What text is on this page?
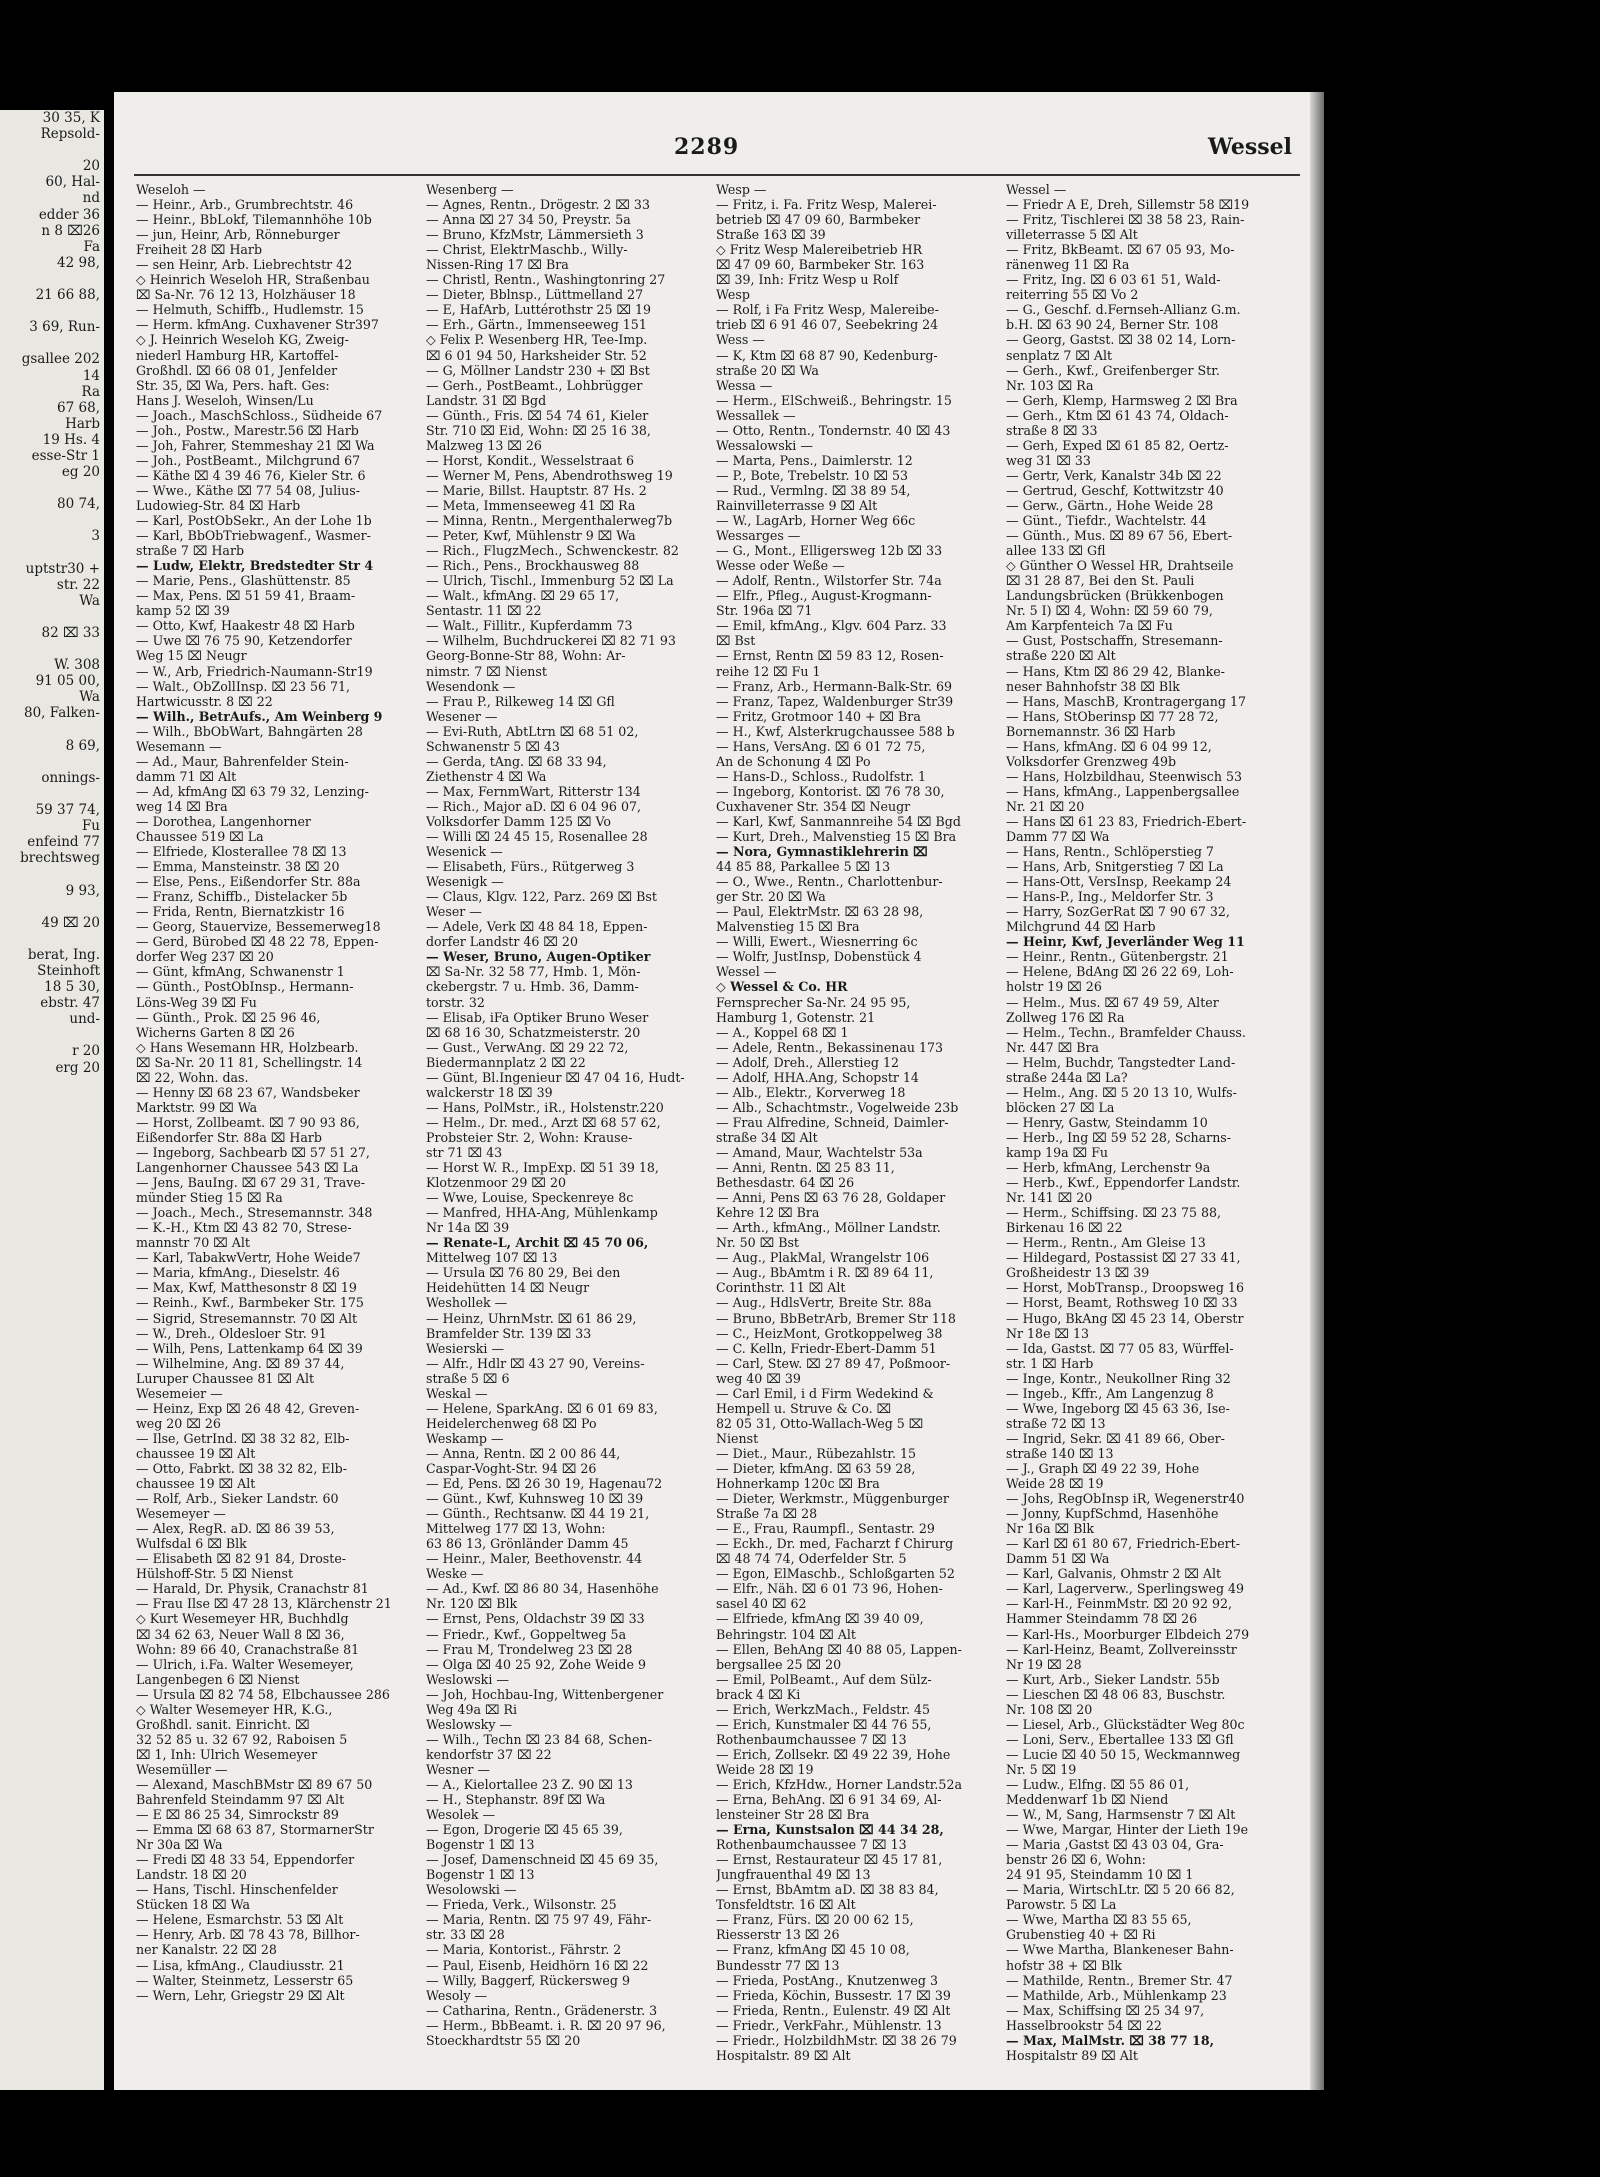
30 35, K
Repsold-

20
60, Hal-
nd
edder 36
n 8 ⌧26
Fa
42 98,

21 66 88,

3 69, Run-

gsallee 202
14
Ra
67 68,
Harb
19 Hs. 4
esse-Str 1
eg 20

80 74,

3

uptstr30 +
str. 22
Wa

82 ⌧ 33

W. 308
91 05 00,
Wa
80, Falken-

8 69,

onnings-

59 37 74,
Fu
enfeind 77
brechtsweg

9 93,

49 ⌧ 20

berat, Ing.
Steinhoft
18 5 30,
ebstr. 47
und-

r 20
erg 20
2289	Wessel
Weseloh —
— Heinr., Arb., Grumbrechtstr. 46
— Heinr., BbLokf, Tilemannhöhe 10b
— jun, Heinr, Arb, Rönneburger
Freiheit 28 ⌧ Harb
— sen Heinr, Arb. Liebrechtstr 42
◇ Heinrich Weseloh HR, Straßenbau
⌧ Sa-Nr. 76 12 13, Holzhäuser 18
— Helmuth, Schiffb., Hudlemstr. 15
— Herm. kfmAng. Cuxhavener Str397
◇ J. Heinrich Weseloh KG, Zweig-
niederl Hamburg HR, Kartoffel-
Großhdl. ⌧ 66 08 01, Jenfelder
Str. 35, ⌧ Wa, Pers. haft. Ges:
Hans J. Weseloh, Winsen/Lu
— Joach., MaschSchloss., Südheide 67
— Joh., Postw., Marestr.56 ⌧ Harb
— Joh, Fahrer, Stemmeshay 21 ⌧ Wa
— Joh., PostBeamt., Milchgrund 67
— Käthe ⌧ 4 39 46 76, Kieler Str. 6
— Wwe., Käthe ⌧ 77 54 08, Julius-
Ludowieg-Str. 84 ⌧ Harb
— Karl, PostObSekr., An der Lohe 1b
— Karl, BbObTriebwagenf., Wasmer-
straße 7 ⌧ Harb
— Ludw, Elektr, Bredstedter Str 4
— Marie, Pens., Glashüttenstr. 85
— Max, Pens. ⌧ 51 59 41, Braam-
kamp 52 ⌧ 39
— Otto, Kwf, Haakestr 48 ⌧ Harb
— Uwe ⌧ 76 75 90, Ketzendorfer
Weg 15 ⌧ Neugr
— W., Arb, Friedrich-Naumann-Str19
— Walt., ObZollInsp. ⌧ 23 56 71,
Hartwicusstr. 8 ⌧ 22
— Wilh., BetrAufs., Am Weinberg 9
— Wilh., BbObWart, Bahngärten 28
Wesemann —
— Ad., Maur, Bahrenfelder Stein-
damm 71 ⌧ Alt
— Ad, kfmAng ⌧ 63 79 32, Lenzing-
weg 14 ⌧ Bra
— Dorothea, Langenhorner
Chaussee 519 ⌧ La
— Elfriede, Klosterallee 78 ⌧ 13
— Emma, Mansteinstr. 38 ⌧ 20
— Else, Pens., Eißendorfer Str. 88a
— Franz, Schiffb., Distelacker 5b
— Frida, Rentn, Biernatzkistr 16
— Georg, Stauervize, Bessemerweg18
— Gerd, Bürobed ⌧ 48 22 78, Eppen-
dorfer Weg 237 ⌧ 20
— Günt, kfmAng, Schwanenstr 1
— Günth., PostObInsp., Hermann-
Löns-Weg 39 ⌧ Fu
— Günth., Prok. ⌧ 25 96 46,
Wicherns Garten 8 ⌧ 26
◇ Hans Wesemann HR, Holzbearb.
⌧ Sa-Nr. 20 11 81, Schellingstr. 14
⌧ 22, Wohn. das.
— Henny ⌧ 68 23 67, Wandsbeker
Marktstr. 99 ⌧ Wa
— Horst, Zollbeamt. ⌧ 7 90 93 86,
Eißendorfer Str. 88a ⌧ Harb
— Ingeborg, Sachbearb ⌧ 57 51 27,
Langenhorner Chaussee 543 ⌧ La
— Jens, BauIng. ⌧ 67 29 31, Trave-
münder Stieg 15 ⌧ Ra
— Joach., Mech., Stresemannstr. 348
— K.-H., Ktm ⌧ 43 82 70, Strese-
mannstr 70 ⌧ Alt
— Karl, TabakwVertr, Hohe Weide7
— Maria, kfmAng., Dieselstr. 46
— Max, Kwf, Matthesonstr 8 ⌧ 19
— Reinh., Kwf., Barmbeker Str. 175
— Sigrid, Stresemannstr. 70 ⌧ Alt
— W., Dreh., Oldesloer Str. 91
— Wilh, Pens, Lattenkamp 64 ⌧ 39
— Wilhelmine, Ang. ⌧ 89 37 44,
Luruper Chaussee 81 ⌧ Alt
Wesemeier —
— Heinz, Exp ⌧ 26 48 42, Greven-
weg 20 ⌧ 26
— Ilse, GetrInd. ⌧ 38 32 82, Elb-
chaussee 19 ⌧ Alt
— Otto, Fabrkt. ⌧ 38 32 82, Elb-
chaussee 19 ⌧ Alt
— Rolf, Arb., Sieker Landstr. 60
Wesemeyer —
— Alex, RegR. aD. ⌧ 86 39 53,
Wulfsdal 6 ⌧ Blk
— Elisabeth ⌧ 82 91 84, Droste-
Hülshoff-Str. 5 ⌧ Nienst
— Harald, Dr. Physik, Cranachstr 81
— Frau Ilse ⌧ 47 28 13, Klärchenstr 21
◇ Kurt Wesemeyer HR, Buchhdlg
⌧ 34 62 63, Neuer Wall 8 ⌧ 36,
Wohn: 89 66 40, Cranachstraße 81
— Ulrich, i.Fa. Walter Wesemeyer,
Langenbegen 6 ⌧ Nienst
— Ursula ⌧ 82 74 58, Elbchaussee 286
◇ Walter Wesemeyer HR, K.G.,
Großhdl. sanit. Einricht. ⌧
32 52 85 u. 32 67 92, Raboisen 5
⌧ 1, Inh: Ulrich Wesemeyer
Wesemüller —
— Alexand, MaschBMstr ⌧ 89 67 50
Bahrenfeld Steindamm 97 ⌧ Alt
— E ⌧ 86 25 34, Simrockstr 89
— Emma ⌧ 68 63 87, StormarnerStr
Nr 30a ⌧ Wa
— Fredi ⌧ 48 33 54, Eppendorfer
Landstr. 18 ⌧ 20
— Hans, Tischl. Hinschenfelder
Stücken 18 ⌧ Wa
— Helene, Esmarchstr. 53 ⌧ Alt
— Henry, Arb. ⌧ 78 43 78, Billhor-
ner Kanalstr. 22 ⌧ 28
— Lisa, kfmAng., Claudiusstr. 21
— Walter, Steinmetz, Lesserstr 65
— Wern, Lehr, Griegstr 29 ⌧ Alt
Wesenberg —
— Agnes, Rentn., Drögestr. 2 ⌧ 33
— Anna ⌧ 27 34 50, Preystr. 5a
— Bruno, KfzMstr, Lämmersieth 3
— Christ, ElektrMaschb., Willy-
Nissen-Ring 17 ⌧ Bra
— Christl, Rentn., Washingtonring 27
— Dieter, Bblnsp., Lüttmelland 27
— E, HafArb, Luttérothstr 25 ⌧ 19
— Erh., Gärtn., Immenseeweg 151
◇ Felix P. Wesenberg HR, Tee-Imp.
⌧ 6 01 94 50, Harksheider Str. 52
— G, Möllner Landstr 230 + ⌧ Bst
— Gerh., PostBeamt., Lohbrügger
Landstr. 31 ⌧ Bgd
— Günth., Fris. ⌧ 54 74 61, Kieler
Str. 710 ⌧ Eid, Wohn: ⌧ 25 16 38,
Malzweg 13 ⌧ 26
— Horst, Kondit., Wesselstraat 6
— Werner M, Pens, Abendrothsweg 19
— Marie, Billst. Hauptstr. 87 Hs. 2
— Meta, Immenseeweg 41 ⌧ Ra
— Minna, Rentn., Mergenthalerweg7b
— Peter, Kwf, Mühlenstr 9 ⌧ Wa
— Rich., FlugzMech., Schwenckestr. 82
— Rich., Pens., Brockhausweg 88
— Ulrich, Tischl., Immenburg 52 ⌧ La
— Walt., kfmAng. ⌧ 29 65 17,
Sentastr. 11 ⌧ 22
— Walt., Fillitr., Kupferdamm 73
— Wilhelm, Buchdruckerei ⌧ 82 71 93
Georg-Bonne-Str 88, Wohn: Ar-
nimstr. 7 ⌧ Nienst
Wesendonk —
— Frau P., Rilkeweg 14 ⌧ Gfl
Wesener —
— Evi-Ruth, AbtLtrn ⌧ 68 51 02,
Schwanenstr 5 ⌧ 43
— Gerda, tAng. ⌧ 68 33 94,
Ziethenstr 4 ⌧ Wa
— Max, FernmWart, Ritterstr 134
— Rich., Major aD. ⌧ 6 04 96 07,
Volksdorfer Damm 125 ⌧ Vo
— Willi ⌧ 24 45 15, Rosenallee 28
Wesenick —
— Elisabeth, Fürs., Rütgerweg 3
Wesenigk —
— Claus, Klgv. 122, Parz. 269 ⌧ Bst
Weser —
— Adele, Verk ⌧ 48 84 18, Eppen-
dorfer Landstr 46 ⌧ 20
— Weser, Bruno, Augen-Optiker
⌧ Sa-Nr. 32 58 77, Hmb. 1, Mön-
ckebergstr. 7 u. Hmb. 36, Damm-
torstr. 32
— Elisab, iFa Optiker Bruno Weser
⌧ 68 16 30, Schatzmeisterstr. 20
— Gust., VerwAng. ⌧ 29 22 72,
Biedermannplatz 2 ⌧ 22
— Günt, Bl.Ingenieur ⌧ 47 04 16, Hudt-
walckerstr 18 ⌧ 39
— Hans, PolMstr., iR., Holstenstr.220
— Helm., Dr. med., Arzt ⌧ 68 57 62,
Probsteier Str. 2, Wohn: Krause-
str 71 ⌧ 43
— Horst W. R., ImpExp. ⌧ 51 39 18,
Klotzenmoor 29 ⌧ 20
— Wwe, Louise, Speckenreye 8c
— Manfred, HHA-Ang, Mühlenkamp
Nr 14a ⌧ 39
— Renate-L, Archit ⌧ 45 70 06,
Mittelweg 107 ⌧ 13
— Ursula ⌧ 76 80 29, Bei den
Heidehütten 14 ⌧ Neugr
Weshollek —
— Heinz, UhrnMstr. ⌧ 61 86 29,
Bramfelder Str. 139 ⌧ 33
Wesierski —
— Alfr., Hdlr ⌧ 43 27 90, Vereins-
straße 5 ⌧ 6
Weskal —
— Helene, SparkAng. ⌧ 6 01 69 83,
Heidelerchenweg 68 ⌧ Po
Weskamp —
— Anna, Rentn. ⌧ 2 00 86 44,
Caspar-Voght-Str. 94 ⌧ 26
— Ed, Pens. ⌧ 26 30 19, Hagenau72
— Günt., Kwf, Kuhnsweg 10 ⌧ 39
— Günth., Rechtsanw. ⌧ 44 19 21,
Mittelweg 177 ⌧ 13, Wohn:
63 86 13, Grönländer Damm 45
— Heinr., Maler, Beethovenstr. 44
Weske —
— Ad., Kwf. ⌧ 86 80 34, Hasenhöhe
Nr. 120 ⌧ Blk
— Ernst, Pens, Oldachstr 39 ⌧ 33
— Friedr., Kwf., Goppeltweg 5a
— Frau M, Trondelweg 23 ⌧ 28
— Olga ⌧ 40 25 92, Zohe Weide 9
Weslowski —
— Joh, Hochbau-Ing, Wittenbergener
Weg 49a ⌧ Ri
Weslowsky —
— Wilh., Techn ⌧ 23 84 68, Schen-
kendorfstr 37 ⌧ 22
Wesner —
— A., Kielortallee 23 Z. 90 ⌧ 13
— H., Stephanstr. 89f ⌧ Wa
Wesolek —
— Egon, Drogerie ⌧ 45 65 39,
Bogenstr 1 ⌧ 13
— Josef, Damenschneid ⌧ 45 69 35,
Bogenstr 1 ⌧ 13
Wesolowski —
— Frieda, Verk., Wilsonstr. 25
— Maria, Rentn. ⌧ 75 97 49, Fähr-
str. 33 ⌧ 28
— Maria, Kontorist., Fährstr. 2
— Paul, Eisenb, Heidhörn 16 ⌧ 22
— Willy, Baggerf, Rückersweg 9
Wesoly —
— Catharina, Rentn., Grädenerstr. 3
— Herm., BbBeamt. i. R. ⌧ 20 97 96,
Stoeckhardtstr 55 ⌧ 20
Wesp —
— Fritz, i. Fa. Fritz Wesp, Malerei-
betrieb ⌧ 47 09 60, Barmbeker
Straße 163 ⌧ 39
◇ Fritz Wesp Malereibetrieb HR
⌧ 47 09 60, Barmbeker Str. 163
⌧ 39, Inh: Fritz Wesp u Rolf
Wesp
— Rolf, i Fa Fritz Wesp, Malereibe-
trieb ⌧ 6 91 46 07, Seebekring 24
Wess —
— K, Ktm ⌧ 68 87 90, Kedenburg-
straße 20 ⌧ Wa
Wessa —
— Herm., ElSchweiß., Behringstr. 15
Wessallek —
— Otto, Rentn., Tondernstr. 40 ⌧ 43
Wessalowski —
— Marta, Pens., Daimlerstr. 12
— P., Bote, Trebelstr. 10 ⌧ 53
— Rud., Vermlng. ⌧ 38 89 54,
Rainvilleterrasse 9 ⌧ Alt
— W., LagArb, Horner Weg 66c
Wessarges —
— G., Mont., Elligersweg 12b ⌧ 33
Wesse oder Weße —
— Adolf, Rentn., Wilstorfer Str. 74a
— Elfr., Pfleg., August-Krogmann-
Str. 196a ⌧ 71
— Emil, kfmAng., Klgv. 604 Parz. 33
⌧ Bst
— Ernst, Rentn ⌧ 59 83 12, Rosen-
reihe 12 ⌧ Fu 1
— Franz, Arb., Hermann-Balk-Str. 69
— Franz, Tapez, Waldenburger Str39
— Fritz, Grotmoor 140 + ⌧ Bra
— H., Kwf, Alsterkrugchaussee 588 b
— Hans, VersAng. ⌧ 6 01 72 75,
An de Schonung 4 ⌧ Po
— Hans-D., Schloss., Rudolfstr. 1
— Ingeborg, Kontorist. ⌧ 76 78 30,
Cuxhavener Str. 354 ⌧ Neugr
— Karl, Kwf, Sanmannreihe 54 ⌧ Bgd
— Kurt, Dreh., Malvenstieg 15 ⌧ Bra
— Nora, Gymnastiklehrerin ⌧
44 85 88, Parkallee 5 ⌧ 13
— O., Wwe., Rentn., Charlottenbur-
ger Str. 20 ⌧ Wa
— Paul, ElektrMstr. ⌧ 63 28 98,
Malvenstieg 15 ⌧ Bra
— Willi, Ewert., Wiesnerring 6c
— Wolfr, JustInsp, Dobenstück 4
Wessel —
◇ Wessel & Co. HR
Fernsprecher Sa-Nr. 24 95 95,
Hamburg 1, Gotenstr. 21
— A., Koppel 68 ⌧ 1
— Adele, Rentn., Bekassinenau 173
— Adolf, Dreh., Allerstieg 12
— Adolf, HHA.Ang, Schopstr 14
— Alb., Elektr., Korverweg 18
— Alb., Schachtmstr., Vogelweide 23b
— Frau Alfredine, Schneid, Daimler-
straße 34 ⌧ Alt
— Amand, Maur, Wachtelstr 53a
— Anni, Rentn. ⌧ 25 83 11,
Bethesdastr. 64 ⌧ 26
— Anni, Pens ⌧ 63 76 28, Goldaper
Kehre 12 ⌧ Bra
— Arth., kfmAng., Möllner Landstr.
Nr. 50 ⌧ Bst
— Aug., PlakMal, Wrangelstr 106
— Aug., BbAmtm i R. ⌧ 89 64 11,
Corinthstr. 11 ⌧ Alt
— Aug., HdlsVertr, Breite Str. 88a
— Bruno, BbBetrArb, Bremer Str 118
— C., HeizMont, Grotkoppelweg 38
— C. Kelln, Friedr-Ebert-Damm 51
— Carl, Stew. ⌧ 27 89 47, Poßmoor-
weg 40 ⌧ 39
— Carl Emil, i d Firm Wedekind &
Hempell u. Struve & Co. ⌧
82 05 31, Otto-Wallach-Weg 5 ⌧
Nienst
— Diet., Maur., Rübezahlstr. 15
— Dieter, kfmAng. ⌧ 63 59 28,
Hohnerkamp 120c ⌧ Bra
— Dieter, Werkmstr., Müggenburger
Straße 7a ⌧ 28
— E., Frau, Raumpfl., Sentastr. 29
— Eckh., Dr. med, Facharzt f Chirurg
⌧ 48 74 74, Oderfelder Str. 5
— Egon, ElMaschb., Schloßgarten 52
— Elfr., Näh. ⌧ 6 01 73 96, Hohen-
sasel 40 ⌧ 62
— Elfriede, kfmAng ⌧ 39 40 09,
Behringstr. 104 ⌧ Alt
— Ellen, BehAng ⌧ 40 88 05, Lappen-
bergsallee 25 ⌧ 20
— Emil, PolBeamt., Auf dem Sülz-
brack 4 ⌧ Ki
— Erich, WerkzMach., Feldstr. 45
— Erich, Kunstmaler ⌧ 44 76 55,
Rothenbaumchaussee 7 ⌧ 13
— Erich, Zollsekr. ⌧ 49 22 39, Hohe
Weide 28 ⌧ 19
— Erich, KfzHdw., Horner Landstr.52a
— Erna, BehAng. ⌧ 6 91 34 69, Al-
lensteiner Str 28 ⌧ Bra
— Erna, Kunstsalon ⌧ 44 34 28,
Rothenbaumchaussee 7 ⌧ 13
— Ernst, Restaurateur ⌧ 45 17 81,
Jungfrauenthal 49 ⌧ 13
— Ernst, BbAmtm aD. ⌧ 38 83 84,
Tonsfeldtstr. 16 ⌧ Alt
— Franz, Fürs. ⌧ 20 00 62 15,
Riesserstr 13 ⌧ 26
— Franz, kfmAng ⌧ 45 10 08,
Bundesstr 77 ⌧ 13
— Frieda, PostAng., Knutzenweg 3
— Frieda, Köchin, Bussestr. 17 ⌧ 39
— Frieda, Rentn., Eulenstr. 49 ⌧ Alt
— Friedr., VerkFahr., Mühlenstr. 13
— Friedr., HolzbildhMstr. ⌧ 38 26 79
Hospitalstr. 89 ⌧ Alt
Wessel —
— Friedr A E, Dreh, Sillemstr 58 ⌧19
— Fritz, Tischlerei ⌧ 38 58 23, Rain-
villeterrasse 5 ⌧ Alt
— Fritz, BkBeamt. ⌧ 67 05 93, Mo-
ränenweg 11 ⌧ Ra
— Fritz, Ing. ⌧ 6 03 61 51, Wald-
reiterring 55 ⌧ Vo 2
— G., Geschf. d.Fernseh-Allianz G.m.
b.H. ⌧ 63 90 24, Berner Str. 108
— Georg, Gastst. ⌧ 38 02 14, Lorn-
senplatz 7 ⌧ Alt
— Gerh., Kwf., Greifenberger Str.
Nr. 103 ⌧ Ra
— Gerh, Klemp, Harmsweg 2 ⌧ Bra
— Gerh., Ktm ⌧ 61 43 74, Oldach-
straße 8 ⌧ 33
— Gerh, Exped ⌧ 61 85 82, Oertz-
weg 31 ⌧ 33
— Gertr, Verk, Kanalstr 34b ⌧ 22
— Gertrud, Geschf, Kottwitzstr 40
— Gerw., Gärtn., Hohe Weide 28
— Günt., Tiefdr., Wachtelstr. 44
— Günth., Mus. ⌧ 89 67 56, Ebert-
allee 133 ⌧ Gfl
◇ Günther O Wessel HR, Drahtseile
⌧ 31 28 87, Bei den St. Pauli
Landungsbrücken (Brükkenbogen
Nr. 5 I) ⌧ 4, Wohn: ⌧ 59 60 79,
Am Karpfenteich 7a ⌧ Fu
— Gust, Postschaffn, Stresemann-
straße 220 ⌧ Alt
— Hans, Ktm ⌧ 86 29 42, Blanke-
neser Bahnhofstr 38 ⌧ Blk
— Hans, MaschB, Krontragergang 17
— Hans, StOberinsp ⌧ 77 28 72,
Bornemannstr. 36 ⌧ Harb
— Hans, kfmAng. ⌧ 6 04 99 12,
Volksdorfer Grenzweg 49b
— Hans, Holzbildhau, Steenwisch 53
— Hans, kfmAng., Lappenbergsallee
Nr. 21 ⌧ 20
— Hans ⌧ 61 23 83, Friedrich-Ebert-
Damm 77 ⌧ Wa
— Hans, Rentn., Schlöperstieg 7
— Hans, Arb, Snitgerstieg 7 ⌧ La
— Hans-Ott, VersInsp, Reekamp 24
— Hans-P., Ing., Meldorfer Str. 3
— Harry, SozGerRat ⌧ 7 90 67 32,
Milchgrund 44 ⌧ Harb
— Heinr, Kwf, Jeverländer Weg 11
— Heinr., Rentn., Gütenbergstr. 21
— Helene, BdAng ⌧ 26 22 69, Loh-
holstr 19 ⌧ 26
— Helm., Mus. ⌧ 67 49 59, Alter
Zollweg 176 ⌧ Ra
— Helm., Techn., Bramfelder Chauss.
Nr. 447 ⌧ Bra
— Helm, Buchdr, Tangstedter Land-
straße 244a ⌧ La?
— Helm., Ang. ⌧ 5 20 13 10, Wulfs-
blöcken 27 ⌧ La
— Henry, Gastw, Steindamm 10
— Herb., Ing ⌧ 59 52 28, Scharns-
kamp 19a ⌧ Fu
— Herb, kfmAng, Lerchenstr 9a
— Herb., Kwf., Eppendorfer Landstr.
Nr. 141 ⌧ 20
— Herm., Schiffsing. ⌧ 23 75 88,
Birkenau 16 ⌧ 22
— Herm., Rentn., Am Gleise 13
— Hildegard, Postassist ⌧ 27 33 41,
Großheidestr 13 ⌧ 39
— Horst, MobTransp., Droopsweg 16
— Horst, Beamt, Rothsweg 10 ⌧ 33
— Hugo, BkAng ⌧ 45 23 14, Oberstr
Nr 18e ⌧ 13
— Ida, Gastst. ⌧ 77 05 83, Würffel-
str. 1 ⌧ Harb
— Inge, Kontr., Neukollner Ring 32
— Ingeb., Kffr., Am Langenzug 8
— Wwe, Ingeborg ⌧ 45 63 36, Ise-
straße 72 ⌧ 13
— Ingrid, Sekr. ⌧ 41 89 66, Ober-
straße 140 ⌧ 13
— J., Graph ⌧ 49 22 39, Hohe
Weide 28 ⌧ 19
— Johs, RegObInsp iR, Wegenerstr40
— Jonny, KupfSchmd, Hasenhöhe
Nr 16a ⌧ Blk
— Karl ⌧ 61 80 67, Friedrich-Ebert-
Damm 51 ⌧ Wa
— Karl, Galvanis, Ohmstr 2 ⌧ Alt
— Karl, Lagerverw., Sperlingsweg 49
— Karl-H., FeinmMstr. ⌧ 20 92 92,
Hammer Steindamm 78 ⌧ 26
— Karl-Hs., Moorburger Elbdeich 279
— Karl-Heinz, Beamt, Zollvereinsstr
Nr 19 ⌧ 28
— Kurt, Arb., Sieker Landstr. 55b
— Lieschen ⌧ 48 06 83, Buschstr.
Nr. 108 ⌧ 20
— Liesel, Arb., Glückstädter Weg 80c
— Loni, Serv., Ebertallee 133 ⌧ Gfl
— Lucie ⌧ 40 50 15, Weckmannweg
Nr. 5 ⌧ 19
— Ludw., Elfng. ⌧ 55 86 01,
Meddenwarf 1b ⌧ Niend
— W., M, Sang, Harmsenstr 7 ⌧ Alt
— Wwe, Margar, Hinter der Lieth 19e
— Maria ,Gastst ⌧ 43 03 04, Gra-
benstr 26 ⌧ 6, Wohn:
24 91 95, Steindamm 10 ⌧ 1
— Maria, WirtschLtr. ⌧ 5 20 66 82,
Parowstr. 5 ⌧ La
— Wwe, Martha ⌧ 83 55 65,
Grubenstieg 40 + ⌧ Ri
— Wwe Martha, Blankeneser Bahn-
hofstr 38 + ⌧ Blk
— Mathilde, Rentn., Bremer Str. 47
— Mathilde, Arb., Mühlenkamp 23
— Max, Schiffsing ⌧ 25 34 97,
Hasselbrookstr 54 ⌧ 22
— Max, MalMstr. ⌧ 38 77 18,
Hospitalstr 89 ⌧ Alt
